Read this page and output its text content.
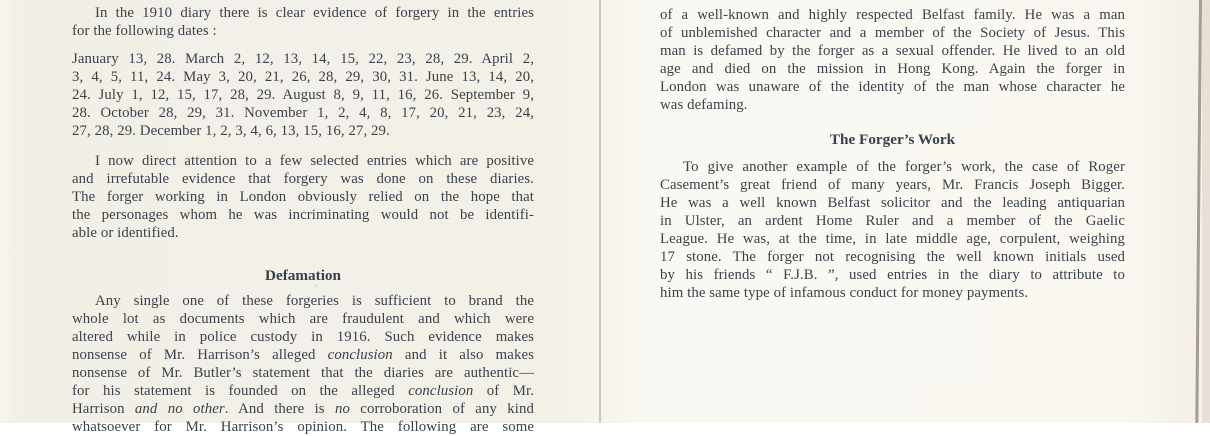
In the 1910 diary there is clear evidence of forgery in the entries
for the following dates :
January 13, 28. March 2, 12, 13, 14, 15, 22, 23, 28, 29. April 2,
3, 4, 5, 11, 24. May 3, 20, 21, 26, 28, 29, 30, 31. June 13, 14, 20,
24. July 1, 12, 15, 17, 28, 29. August 8, 9, 11, 16, 26. September 9,
28. October 28, 29, 31. November 1, 2, 4, 8, 17, 20, 21, 23, 24,
27, 28, 29. December 1, 2, 3, 4, 6, 13, 15, 16, 27, 29.
I now direct attention to a few selected entries which are positive
and irrefutable evidence that forgery was done on these diaries.
The forger working in London obviously relied on the hope that
the personages whom he was incriminating would not be identifi-
able or identified.
Defamation
Any single one of these forgeries is sufficient to brand the
whole lot as documents which are fraudulent and which were
altered while in police custody in 1916. Such evidence makes
nonsense of Mr. Harrison’s alleged conclusion and it also makes
nonsense of Mr. Butler’s statement that the diaries are authentic—
for his statement is founded on the alleged conclusion of Mr.
Harrison and no other. And there is no corroboration of any kind
whatsoever for Mr. Harrison’s opinion. The following are some
of a well-known and highly respected Belfast family. He was a man
of unblemished character and a member of the Society of Jesus. This
man is defamed by the forger as a sexual offender. He lived to an old
age and died on the mission in Hong Kong. Again the forger in
London was unaware of the identity of the man whose character he
was defaming.
The Forger’s Work
To give another example of the forger’s work, the case of Roger
Casement’s great friend of many years, Mr. Francis Joseph Bigger.
He was a well known Belfast solicitor and the leading antiquarian
in Ulster, an ardent Home Ruler and a member of the Gaelic
League. He was, at the time, in late middle age, corpulent, weighing
17 stone. The forger not recognising the well known initials used
by his friends “ F.J.B. ”, used entries in the diary to attribute to
him the same type of infamous conduct for money payments.
